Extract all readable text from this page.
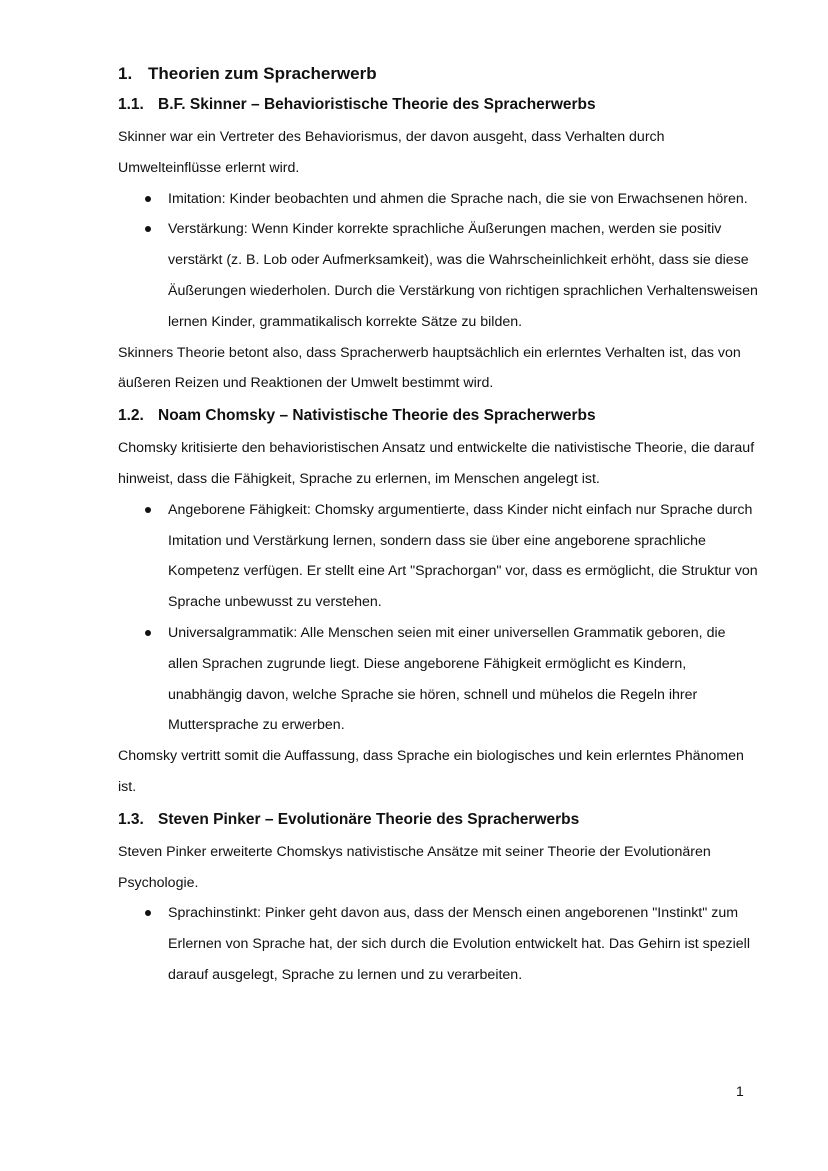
1. Theorien zum Spracherwerb
1.1. B.F. Skinner – Behavioristische Theorie des Spracherwerbs

Skinner war ein Vertreter des Behaviorismus, der davon ausgeht, dass Verhalten durch Umwelteinflüsse erlernt wird.

Imitation: Kinder beobachten und ahmen die Sprache nach, die sie von Erwachsenen hören.
Verstärkung: Wenn Kinder korrekte sprachliche Äußerungen machen, werden sie positiv verstärkt (z. B. Lob oder Aufmerksamkeit), was die Wahrscheinlichkeit erhöht, dass sie diese Äußerungen wiederholen. Durch die Verstärkung von richtigen sprachlichen Verhaltensweisen lernen Kinder, grammatikalisch korrekte Sätze zu bilden.

Skinners Theorie betont also, dass Spracherwerb hauptsächlich ein erlerntes Verhalten ist, das von äußeren Reizen und Reaktionen der Umwelt bestimmt wird.

1.2. Noam Chomsky – Nativistische Theorie des Spracherwerbs

Chomsky kritisierte den behavioristischen Ansatz und entwickelte die nativistische Theorie, die darauf hinweist, dass die Fähigkeit, Sprache zu erlernen, im Menschen angelegt ist.

Angeborene Fähigkeit: Chomsky argumentierte, dass Kinder nicht einfach nur Sprache durch Imitation und Verstärkung lernen, sondern dass sie über eine angeborene sprachliche Kompetenz verfügen. Er stellt eine Art "Sprachorgan" vor, dass es ermöglicht, die Struktur von Sprache unbewusst zu verstehen.
Universalgrammatik: Alle Menschen seien mit einer universellen Grammatik geboren, die allen Sprachen zugrunde liegt. Diese angeborene Fähigkeit ermöglicht es Kindern, unabhängig davon, welche Sprache sie hören, schnell und mühelos die Regeln ihrer Muttersprache zu erwerben.

Chomsky vertritt somit die Auffassung, dass Sprache ein biologisches und kein erlerntes Phänomen ist.

1.3. Steven Pinker – Evolutionäre Theorie des Spracherwerbs

Steven Pinker erweiterte Chomskys nativistische Ansätze mit seiner Theorie der Evolutionären Psychologie.

Sprachinstinkt: Pinker geht davon aus, dass der Mensch einen angeborenen "Instinkt" zum Erlernen von Sprache hat, der sich durch die Evolution entwickelt hat. Das Gehirn ist speziell darauf ausgelegt, Sprache zu lernen und zu verarbeiten.
1
